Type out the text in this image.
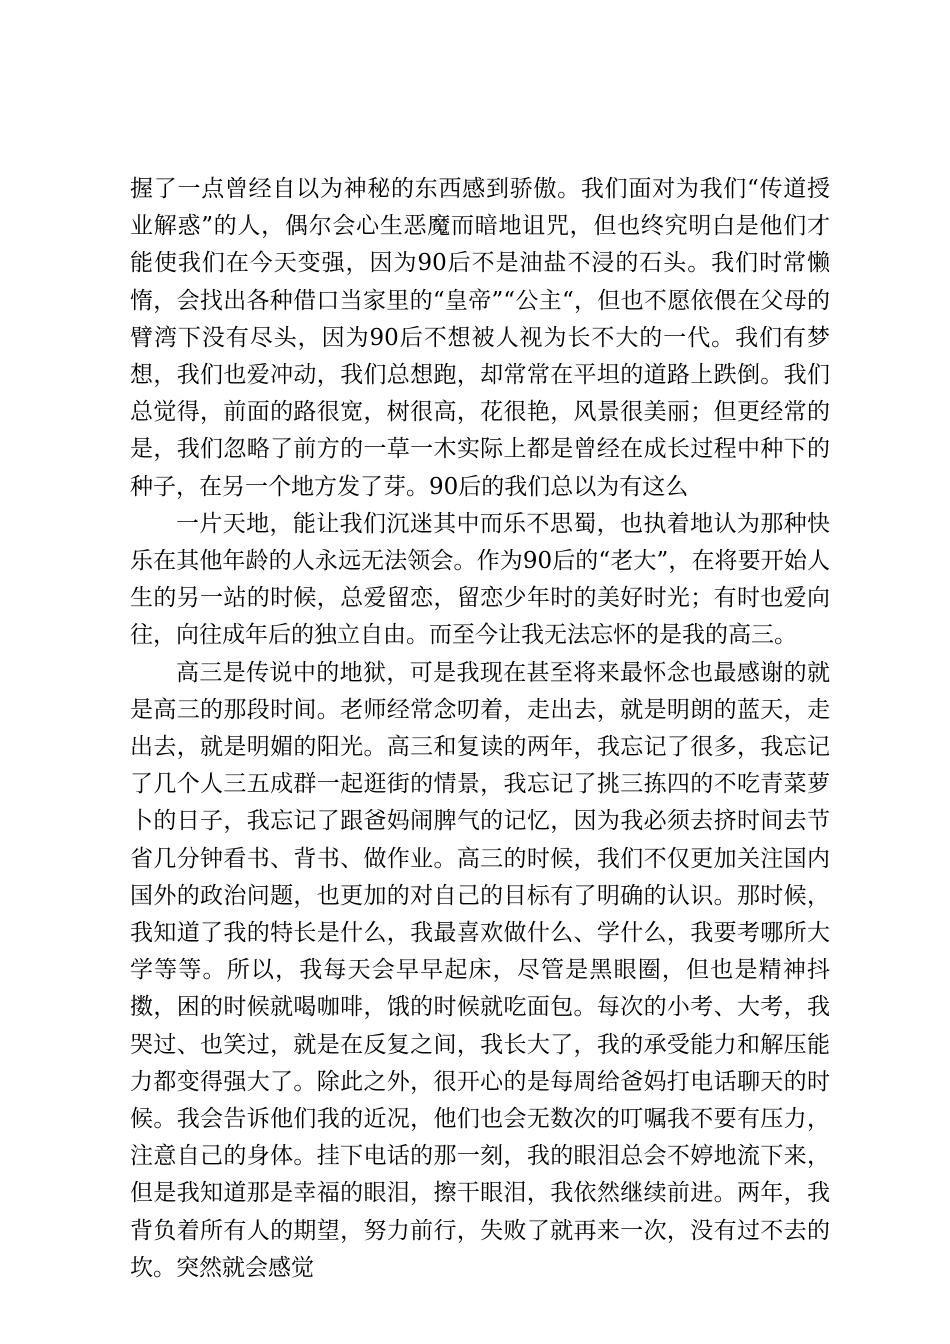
握了一点曾经自以为神秘的东西感到骄傲。我们面对为我们“传道授业解惑”的人，偶尔会心生恶魔而暗地诅咒，但也终究明白是他们才能使我们在今天变强，因为90后不是油盐不浸的石头。我们时常懒惰，会找出各种借口当家里的“皇帝”“公主“，但也不愿依偎在父母的臂湾下没有尽头，因为90后不想被人视为长不大的一代。我们有梦想，我们也爱冲动，我们总想跑，却常常在平坦的道路上跌倒。我们总觉得，前面的路很宽，树很高，花很艳，风景很美丽；但更经常的是，我们忽略了前方的一草一木实际上都是曾经在成长过程中种下的种子，在另一个地方发了芽。90后的我们总以为有这么

一片天地，能让我们沉迷其中而乐不思蜀，也执着地认为那种快乐在其他年龄的人永远无法领会。作为90后的“老大”，在将要开始人生的另一站的时候，总爱留恋，留恋少年时的美好时光；有时也爱向往，向往成年后的独立自由。而至今让我无法忘怀的是我的高三。

高三是传说中的地狱，可是我现在甚至将来最怀念也最感谢的就是高三的那段时间。老师经常念叨着，走出去，就是明朗的蓝天，走出去，就是明媚的阳光。高三和复读的两年，我忘记了很多，我忘记了几个人三五成群一起逛街的情景，我忘记了挑三拣四的不吃青菜萝卜的日子，我忘记了跟爸妈闹脾气的记忆，因为我必须去挤时间去节省几分钟看书、背书、做作业。高三的时候，我们不仅更加关注国内国外的政治问题，也更加的对自己的目标有了明确的认识。那时候，我知道了我的特长是什么，我最喜欢做什么、学什么，我要考哪所大学等等。所以，我每天会早早起床，尽管是黑眼圈，但也是精神抖擞，困的时候就喝咖啡，饿的时候就吃面包。每次的小考、大考，我哭过、也笑过，就是在反复之间，我长大了，我的承受能力和解压能力都变得强大了。除此之外，很开心的是每周给爸妈打电话聊天的时候。我会告诉他们我的近况，他们也会无数次的叮嘱我不要有压力，注意自己的身体。挂下电话的那一刻，我的眼泪总会不婷地流下来，但是我知道那是幸福的眼泪，擦干眼泪，我依然继续前进。两年，我背负着所有人的期望，努力前行，失败了就再来一次，没有过不去的坎。突然就会感觉
